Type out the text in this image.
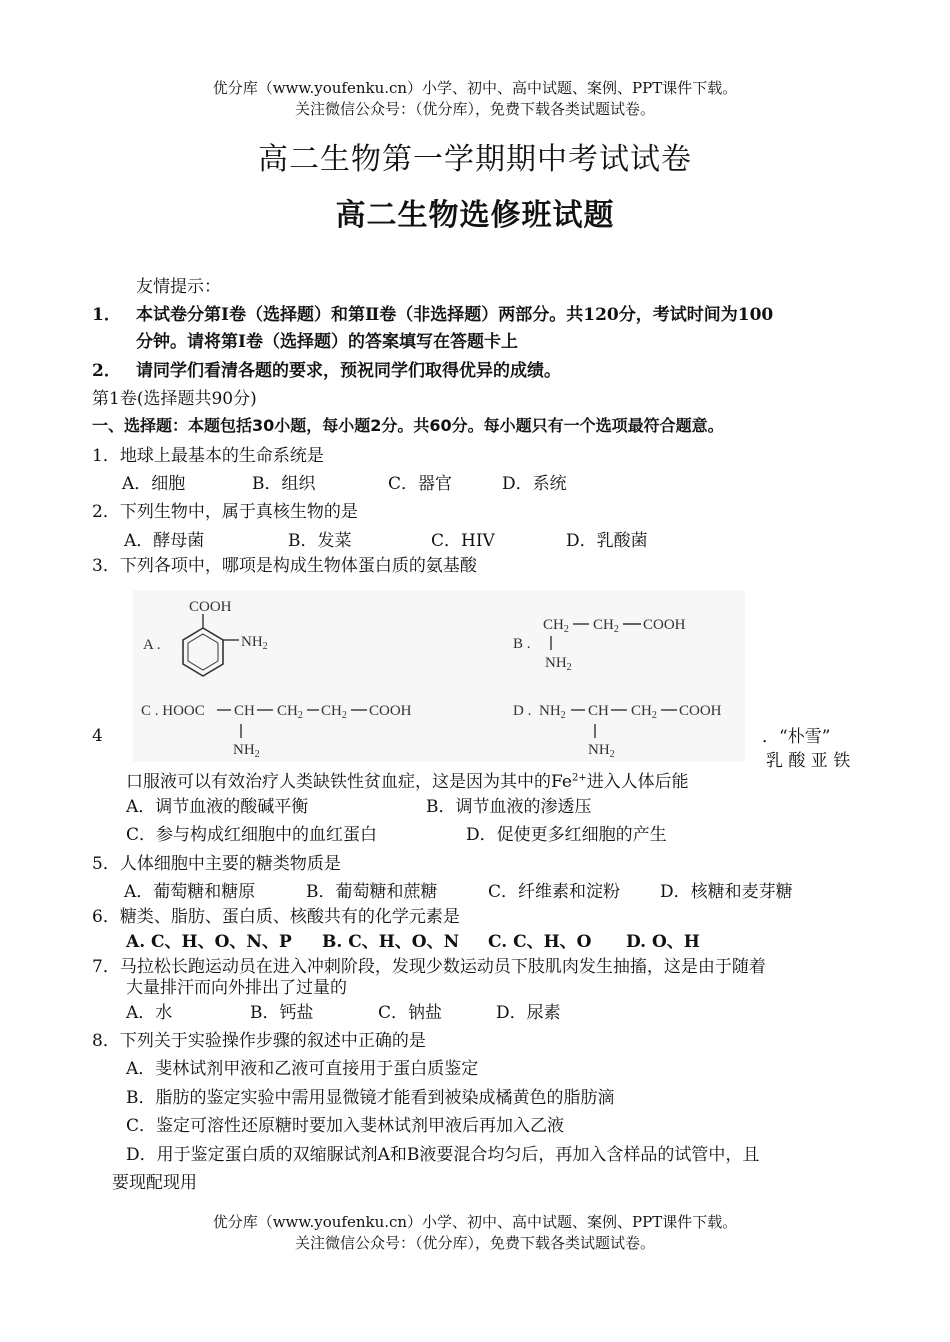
优分库（www.youfenku.cn）小学、初中、高中试题、案例、PPT课件下载。
关注微信公众号：（优分库），免费下载各类试题试卷。
高二生物第一学期期中考试试卷
高二生物选修班试题
友情提示：
1． 本试卷分第Ⅰ卷（选择题）和第Ⅱ卷（非选择题）两部分。共120分，考试时间为100
分钟。请将第Ⅰ卷（选择题）的答案填写在答题卡上
2． 请同学们看清各题的要求，预祝同学们取得优异的成绩。
第1卷(选择题共90分)
一、选择题：本题包括30小题，每小题2分。共60分。每小题只有一个选项最符合题意。
1．地球上最基本的生命系统是
A．细胞	B．组织	C．器官	D．系统
2．下列生物中，属于真核生物的是
A．酵母菌	B．发菜	C．HIV	D．乳酸菌
3．下列各项中，哪项是构成生物体蛋白质的氨基酸
A .
COOH
$NH_2$	B .
$CH_2$ $CH_2$ COOH
$NH_2$
C . HOOC CH $CH_2$ $CH_2$ COOH
$NH_2$
D . $NH_2$ CH $CH_2$ COOH
$NH_2$
4	．“朴雪”
乳 酸 亚 铁
口服液可以有效治疗人类缺铁性贫血症，这是因为其中的$Fe^{2+}$进入人体后能
A．调节血液的酸碱平衡	B．调节血液的渗透压
C．参与构成红细胞中的血红蛋白	D．促使更多红细胞的产生
5．人体细胞中主要的糖类物质是
A．葡萄糖和糖原	B．葡萄糖和蔗糖	C．纤维素和淀粉 D．核糖和麦芽糖
6．糖类、脂肪、蛋白质、核酸共有的化学元素是
A. C、H、O、N、P B. C、H、O、N C. C、H、O D. O、H
7．马拉松长跑运动员在进入冲刺阶段，发现少数运动员下肢肌肉发生抽搐，这是由于随着
大量排汗而向外排出了过量的
A．水	B．钙盐	C．钠盐	D．尿素
8．下列关于实验操作步骤的叙述中正确的是
A．斐林试剂甲液和乙液可直接用于蛋白质鉴定
B．脂肪的鉴定实验中需用显微镜才能看到被染成橘黄色的脂肪滴
C．鉴定可溶性还原糖时要加入斐林试剂甲液后再加入乙液
D．用于鉴定蛋白质的双缩脲试剂A和B液要混合均匀后，再加入含样品的试管中，且
要现配现用
优分库（www.youfenku.cn）小学、初中、高中试题、案例、PPT课件下载。
关注微信公众号：（优分库），免费下载各类试题试卷。
